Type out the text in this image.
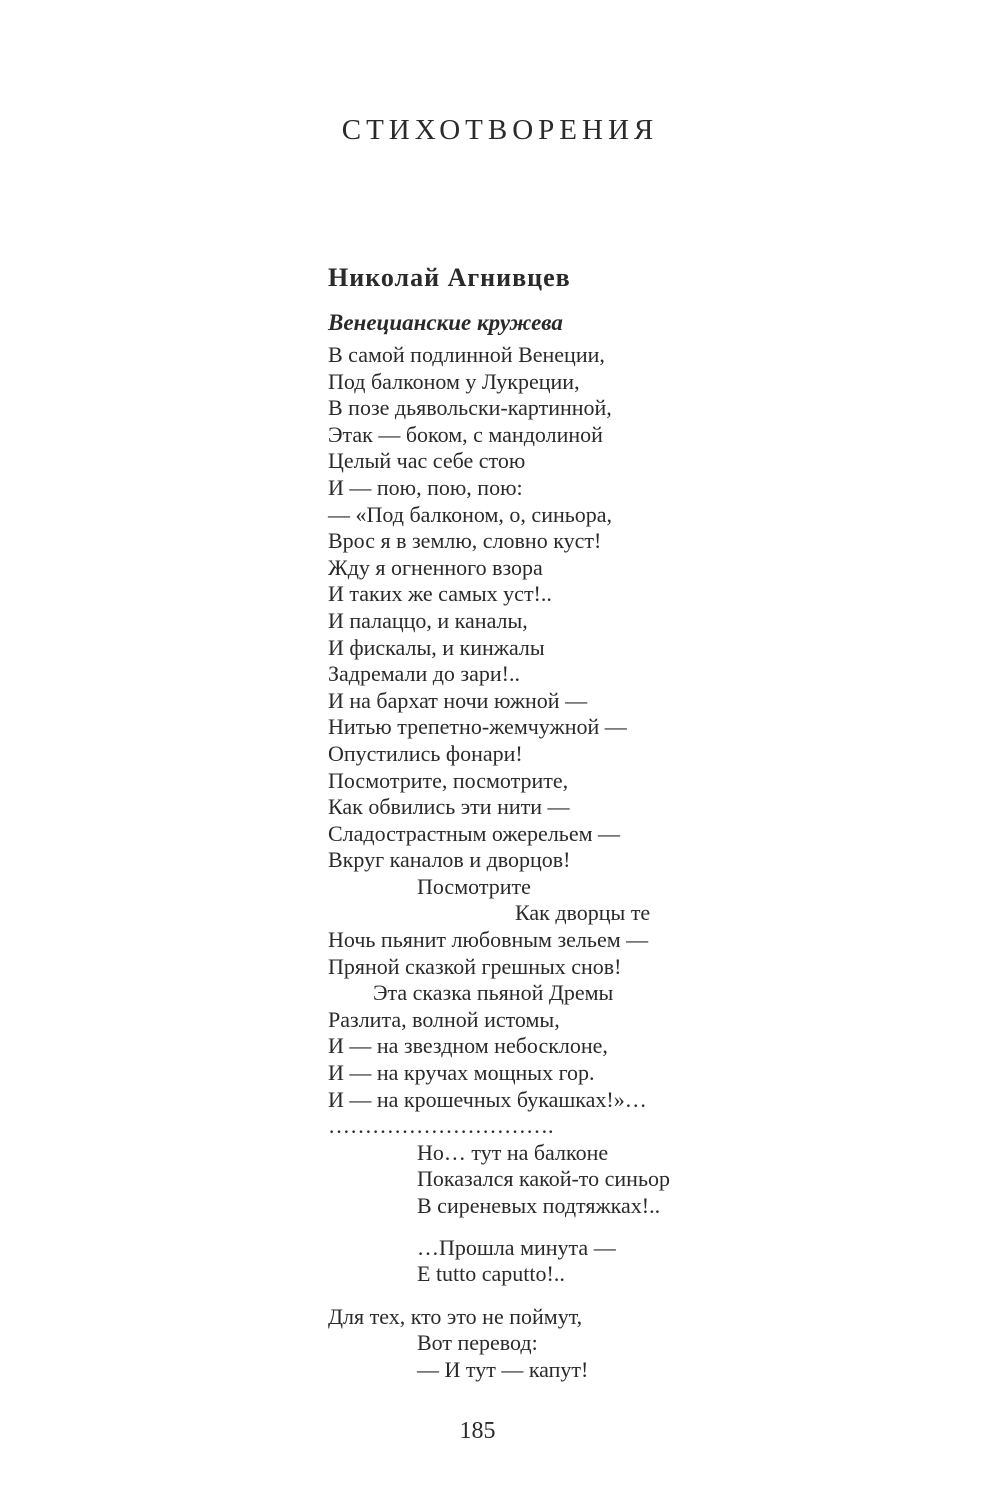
СТИХОТВОРЕНИЯ
Николай Агнивцев
Венецианские кружева
В самой подлинной Венеции,
Под балконом у Лукреции,
В позе дьявольски-картинной,
Этак — боком, с мандолиной
Целый час себе стою
И — пою, пою, пою:
— «Под балконом, о, синьора,
Врос я в землю, словно куст!
Жду я огненного взора
И таких же самых уст!..
И палаццо, и каналы,
И фискалы, и кинжалы
Задремали до зари!..
И на бархат ночи южной —
Нитью трепетно-жемчужной —
Опустились фонари!
Посмотрите, посмотрите,
Как обвились эти нити —
Сладострастным ожерельем —
Вкруг каналов и дворцов!
Посмотрите
Как дворцы те
Ночь пьянит любовным зельем —
Пряной сказкой грешных снов!
Эта сказка пьяной Дремы
Разлита, волной истомы,
И — на звездном небосклоне,
И — на кручах мощных гор.
И — на крошечных букашках!»…
………………………….
Но… тут на балконе
Показался какой-то синьор
В сиреневых подтяжках!..
…Прошла минута —
E tutto caputto!..
Для тех, кто это не поймут,
Вот перевод:
— И тут — капут!
185
